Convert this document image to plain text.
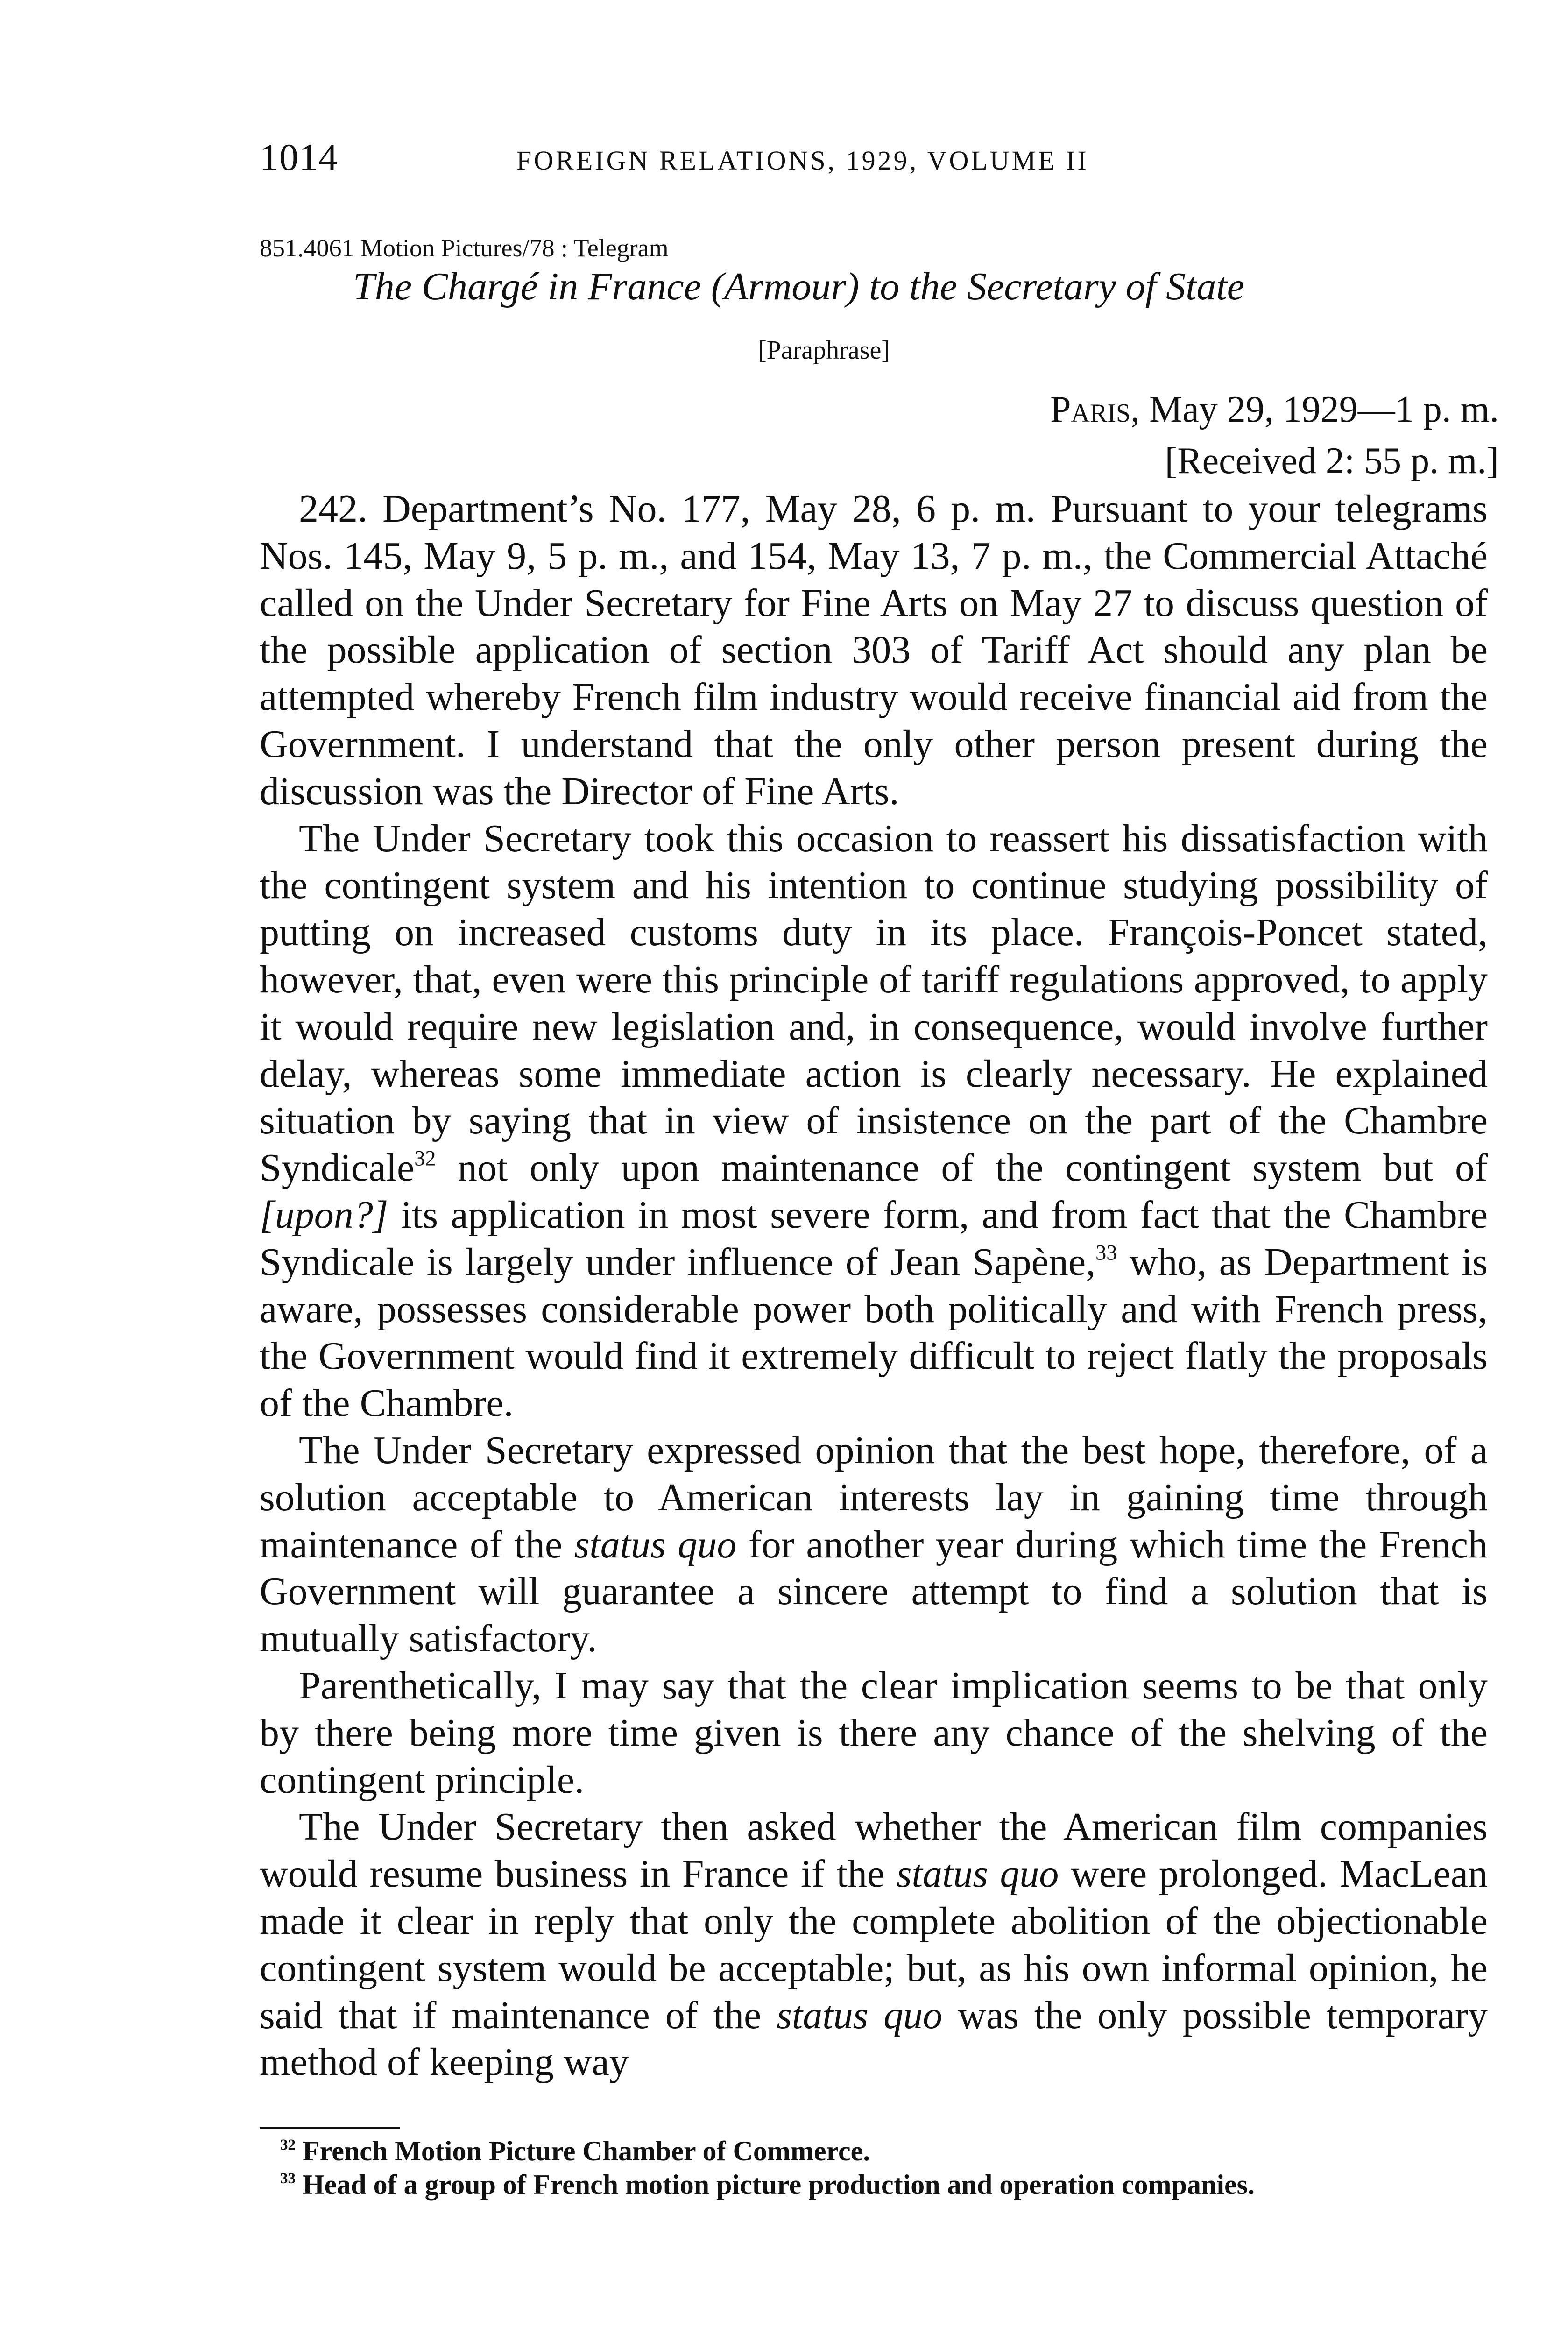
1014	FOREIGN RELATIONS, 1929, VOLUME II
851.4061 Motion Pictures/78 : Telegram
The Chargé in France (Armour) to the Secretary of State
[Paraphrase]
Paris, May 29, 1929—1 p. m.
[Received 2: 55 p. m.]

242. Department’s No. 177, May 28, 6 p. m. Pursuant to your telegrams Nos. 145, May 9, 5 p. m., and 154, May 13, 7 p. m., the Commercial Attaché called on the Under Secretary for Fine Arts on May 27 to discuss question of the possible application of section 303 of Tariff Act should any plan be attempted whereby French film industry would receive financial aid from the Government. I understand that the only other person present during the discussion was the Director of Fine Arts.

The Under Secretary took this occasion to reassert his dissatisfaction with the contingent system and his intention to continue studying possibility of putting on increased customs duty in its place. François-Poncet stated, however, that, even were this principle of tariff regulations approved, to apply it would require new legislation and, in consequence, would involve further delay, whereas some immediate action is clearly necessary. He explained situation by saying that in view of insistence on the part of the Chambre Syndicale$^{32}$ not only upon maintenance of the contingent system but of [upon?] its application in most severe form, and from fact that the Chambre Syndicale is largely under influence of Jean Sapène,$^{33}$ who, as Department is aware, possesses considerable power both politically and with French press, the Government would find it extremely difficult to reject flatly the proposals of the Chambre.

The Under Secretary expressed opinion that the best hope, therefore, of a solution acceptable to American interests lay in gaining time through maintenance of the status quo for another year during which time the French Government will guarantee a sincere attempt to find a solution that is mutually satisfactory.

Parenthetically, I may say that the clear implication seems to be that only by there being more time given is there any chance of the shelving of the contingent principle.

The Under Secretary then asked whether the American film companies would resume business in France if the status quo were prolonged. MacLean made it clear in reply that only the complete abolition of the objectionable contingent system would be acceptable; but, as his own informal opinion, he said that if maintenance of the status quo was the only possible temporary method of keeping way

$^{32}$ French Motion Picture Chamber of Commerce.

$^{33}$ Head of a group of French motion picture production and operation companies.
